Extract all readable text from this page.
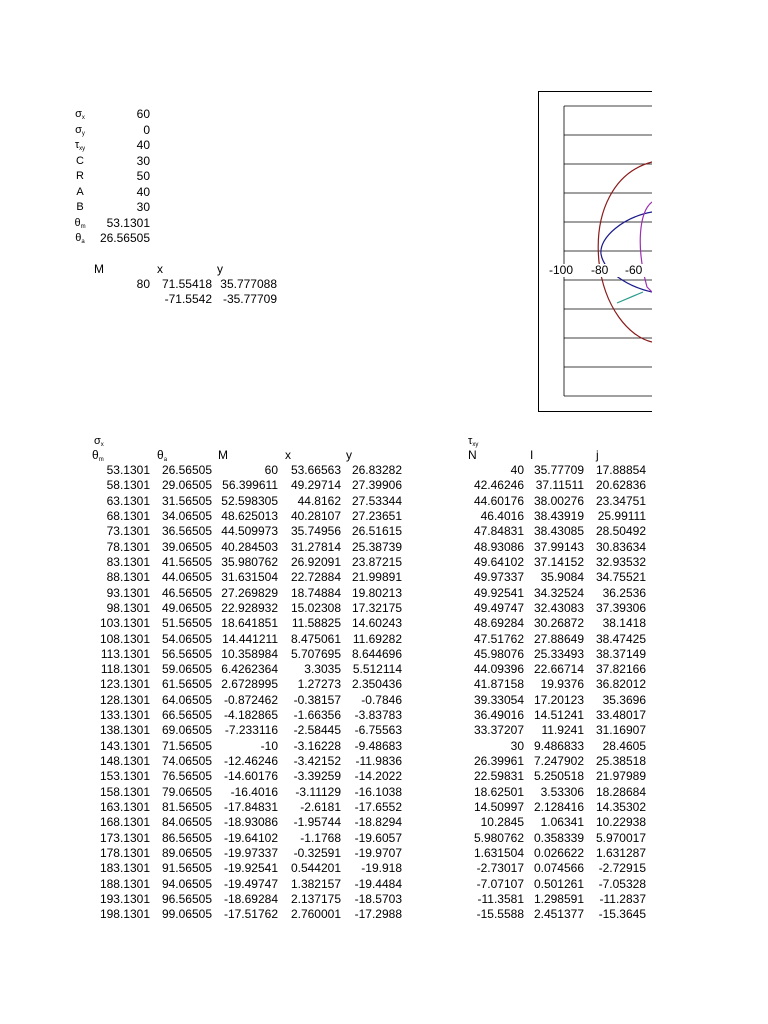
$\sigma_x$	60
$\sigma_y$	0
$\tau_{xy}$	40
C	30
R	50
A	40
B	30
$\theta_m$	53.1301
$\theta_a$	26.56505
M	x	y
80 71.55418 35.777088
-71.5542 -35.77709
-100 -80 -60
$\sigma_x$
$\theta_m$	$\theta_a$	M	x	y
53.1301 26.56505	60	53.66563 26.83282
58.1301 29.06505 56.399611	49.29714 27.39906
63.1301 31.56505 52.598305	44.8162 27.53344
68.1301 34.06505 48.625013	40.28107 27.23651
73.1301 36.56505 44.509973	35.74956 26.51615
78.1301 39.06505 40.284503	31.27814 25.38739
83.1301 41.56505 35.980762	26.92091 23.87215
88.1301 44.06505 31.631504	22.72884 21.99891
93.1301 46.56505 27.269829	18.74884 19.80213
98.1301 49.06505 22.928932	15.02308 17.32175
103.1301 51.56505 18.641851	11.58825 14.60243
108.1301 54.06505 14.441211	8.475061 11.69282
113.1301 56.56505 10.358984	5.707695 8.644696
118.1301 59.06505 6.4262364	3.3035 5.512114
123.1301 61.56505 2.6728995	1.27273 2.350436
128.1301 64.06505 -0.872462	-0.38157	-0.7846
133.1301 66.56505 -4.182865	-1.66356	-3.83783
138.1301 69.06505	-7.233116	-2.58445	-6.75563
143.1301 71.56505	-10	-3.16228	-9.48683
148.1301 74.06505 -12.46246	-3.42152	-11.9836
153.1301 76.56505 -14.60176	-3.39259	-14.2022
158.1301 79.06505	-16.4016	-3.11129	-16.1038
163.1301 81.56505 -17.84831	-2.6181	-17.6552
168.1301 84.06505 -18.93086	-1.95744	-18.8294
173.1301 86.56505 -19.64102	-1.1768	-19.6057
178.1301 89.06505 -19.97337	-0.32591	-19.9707
183.1301 91.56505 -19.92541	0.544201	-19.918
188.1301 94.06505 -19.49747	1.382157	-19.4484
193.1301 96.56505 -18.69284	2.137175	-18.5703
198.1301 99.06505 -17.51762	2.760001	-17.2988
$\tau_{xy}$
N	I	j
40 35.77709 17.88854
42.46246 37.11511 20.62836
44.60176 38.00276 23.34751
46.4016 38.43919	25.99111
47.84831 38.43085 28.50492
48.93086 37.99143 30.83634
49.64102 37.14152 32.93532
49.97337	35.9084 34.75521
49.92541 34.32524	36.2536
49.49747 32.43083 37.39306
48.69284 30.26872	38.1418
47.51762 27.88649 38.47425
45.98076 25.33493 38.37149
44.09396 22.66714 37.82166
41.87158	19.9376 36.82012
39.33054 17.20123	35.3696
36.49016 14.51241 33.48017
33.37207	11.9241 31.16907
30 9.486833	28.4605
26.39961 7.247902 25.38518
22.59831 5.250518 21.97989
18.62501	3.53306 18.28684
14.50997 2.128416 14.35302
10.2845	1.06341 10.22938
5.980762 0.358339 5.970017
1.631504 0.026622 1.631287
-2.73017 0.074566	-2.72915
-7.07107 0.501261	-7.05328
-11.3581 1.298591	-11.2837
-15.5588 2.451377	-15.3645
